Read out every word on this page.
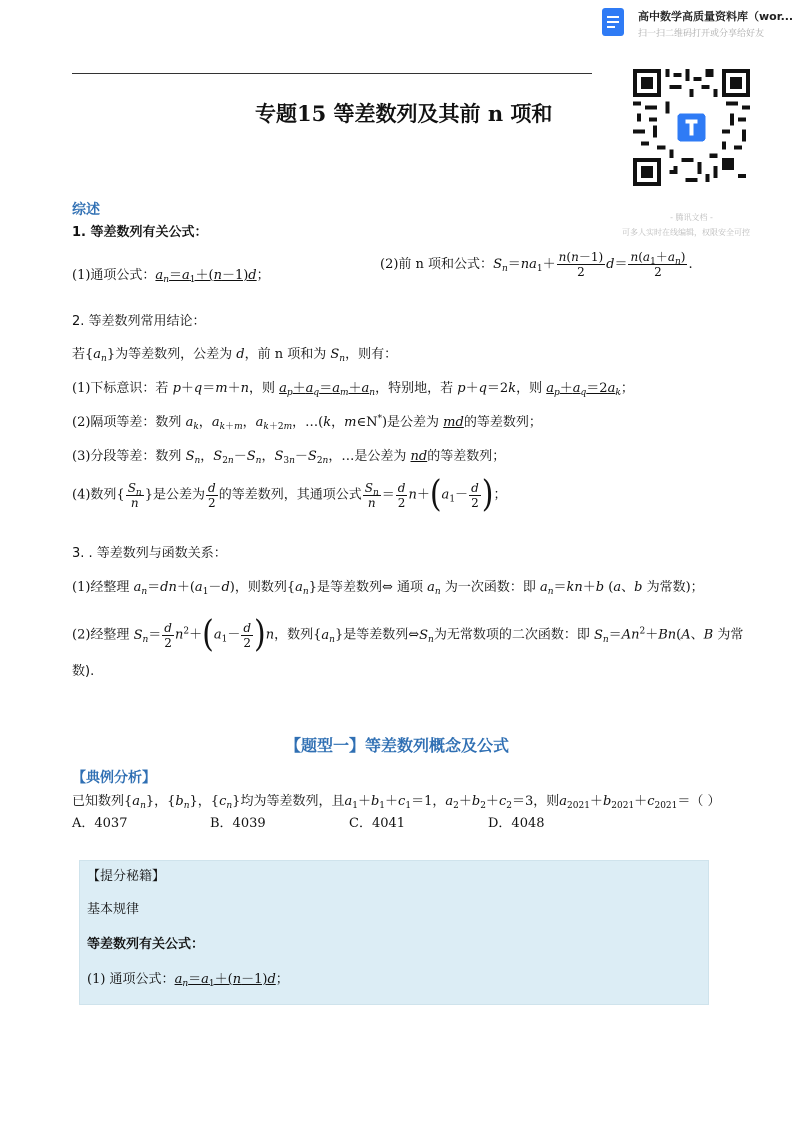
高中数学高质量资料库（wor...
扫一扫二维码打开或分享给好友
- 腾讯文档 -
可多人实时在线编辑，权限安全可控
专题15 等差数列及其前 n 项和
综述
1. 等差数列有关公式：
(1)通项公式：$a_n=a_1+(n-1)d$；
(2)前 n 项和公式：$S_n=na_1+ \frac{n(n-1)}{2} d= \frac{n(a_1+a_n)}{2}$ .
2. 等差数列常用结论：
若$\{a_n\}$为等差数列，公差为 d，前 n 项和为 $S_n$，则有：
(1)下标意识：若 p＋q＝m＋n，则 $a_p+a_q=a_m+a_n$，特别地，若 p＋q＝2k，则 $a_p+a_q=2a_k$；
(2)隔项等差：数列 $a_k$，$a_{k+m}$，$a_{k+2m}$，…(k，m∈N*)是公差为 md的等差数列；
(3)分段等差：数列 $S_n$，$S_{2n}-S_n$，$S_{3n}-S_{2n}$，…是公差为 nd的等差数列；
(4)数列{ $\frac{S_n}{n}$ }是公差为 $\frac{d}{2}$ 的等差数列，其通项公式 $\frac{S_n}{n} = \frac{d}{2} n+(a_1- \frac{d}{2}$ )；
3. . 等差数列与函数关系：
(1)经整理 $a_n=dn+(a_1-d)$，则数列$\{a_n\}$是等差数列⇔ 通项 $a_n$ 为一次函数：即 $a_n=kn+b$ (a、b 为常数)；
(2)经整理 $S_n= \frac{d}{2} n^2+(a_1- \frac{d}{2} )n$，数列$\{a_n\}$是等差数列$\Leftrightarrow S_n$为无常数项的二次函数：即 $S_n=An^2+Bn(A$、B 为常
数).
【题型一】等差数列概念及公式
【典例分析】
已知数列$\{a_n\}$，$\{b_n\}$，$\{c_n\}$均为等差数列，且$a_1+b_1+c_1=1$，$a_2+b_2+c_2=3$，则$a_{2021}+b_{2021}+c_{2021}=$（ ）
A．4037	B．4039	C．4041	D．4048
【提分秘籍】
基本规律
等差数列有关公式：
(1) 通项公式：$a_n=a_1+(n-1)d$；
